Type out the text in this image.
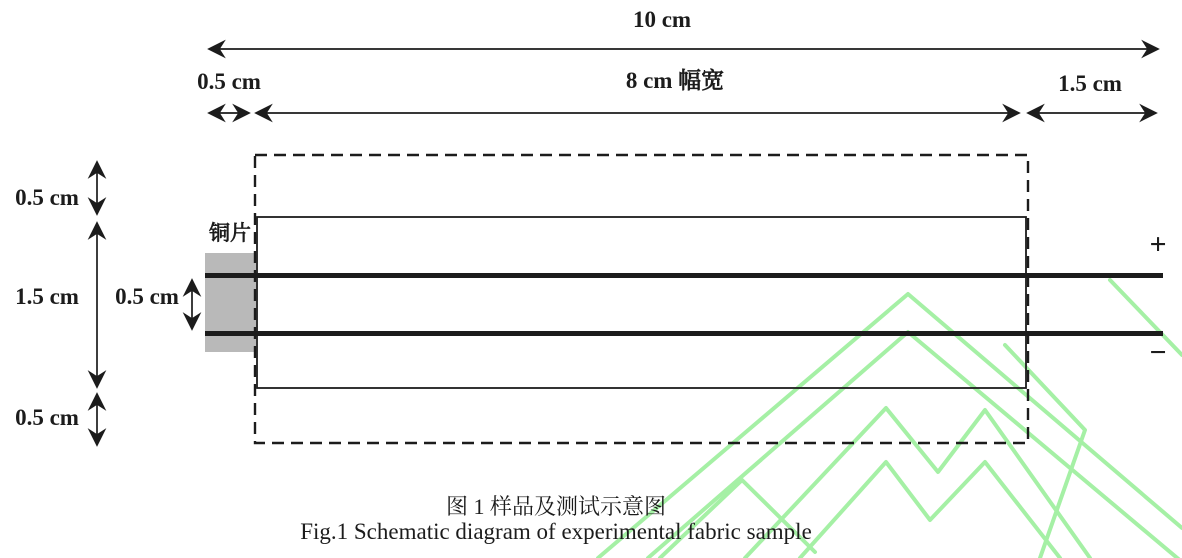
10 cm
0.5 cm	8 cm 幅宽	1.5 cm
0.5 cm
1.5 cm
0.5 cm
0.5 cm
铜片	+
−
图 1 样品及测试示意图
Fig.1 Schematic diagram of experimental fabric sample
